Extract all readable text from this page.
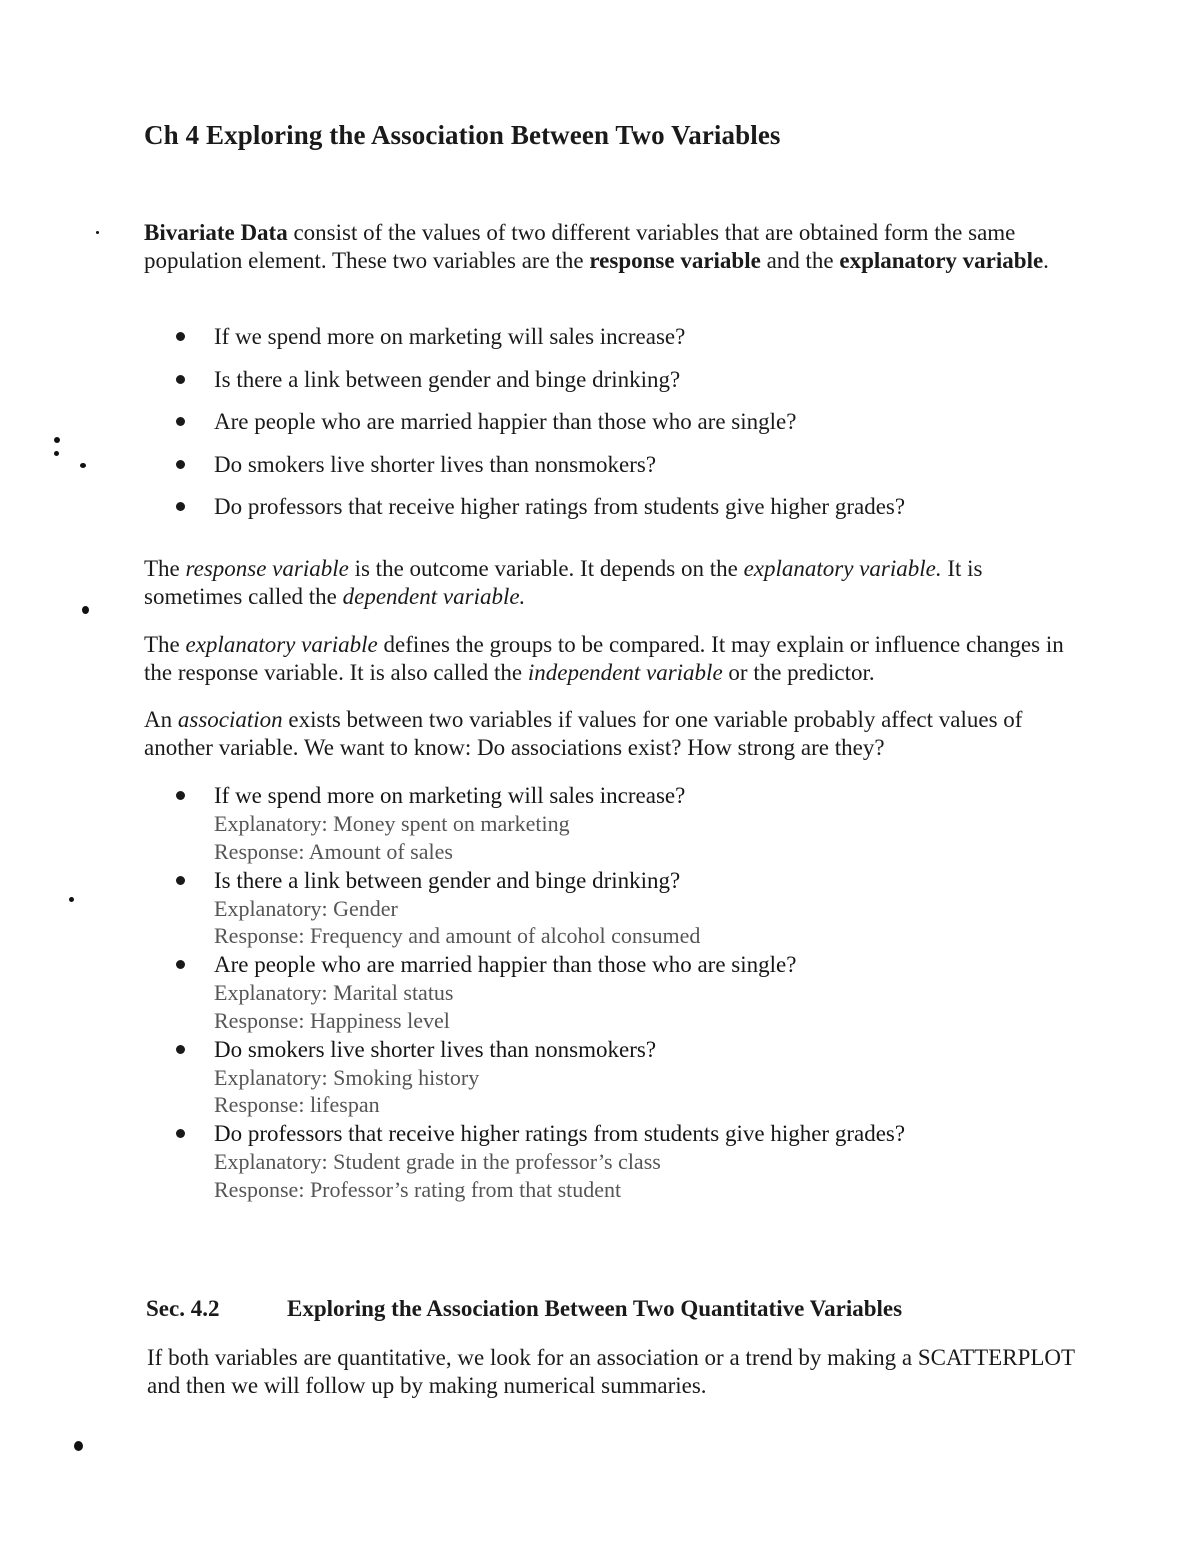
Ch 4 Exploring the Association Between Two Variables

Bivariate Data consist of the values of two different variables that are obtained form the same population element. These two variables are the response variable and the explanatory variable.

If we spend more on marketing will sales increase?
Is there a link between gender and binge drinking?
Are people who are married happier than those who are single?
Do smokers live shorter lives than nonsmokers?
Do professors that receive higher ratings from students give higher grades?

The response variable is the outcome variable. It depends on the explanatory variable. It is sometimes called the dependent variable.

The explanatory variable defines the groups to be compared. It may explain or influence changes in the response variable. It is also called the independent variable or the predictor.

An association exists between two variables if values for one variable probably affect values of another variable. We want to know: Do associations exist? How strong are they?

If we spend more on marketing will sales increase?
Explanatory: Money spent on marketing
Response: Amount of sales
Is there a link between gender and binge drinking?
Explanatory: Gender
Response: Frequency and amount of alcohol consumed
Are people who are married happier than those who are single?
Explanatory: Marital status
Response: Happiness level
Do smokers live shorter lives than nonsmokers?
Explanatory: Smoking history
Response: lifespan
Do professors that receive higher ratings from students give higher grades?
Explanatory: Student grade in the professor’s class
Response: Professor’s rating from that student
Sec. 4.2	Exploring the Association Between Two Quantitative Variables

If both variables are quantitative, we look for an association or a trend by making a SCATTERPLOT and then we will follow up by making numerical summaries.
